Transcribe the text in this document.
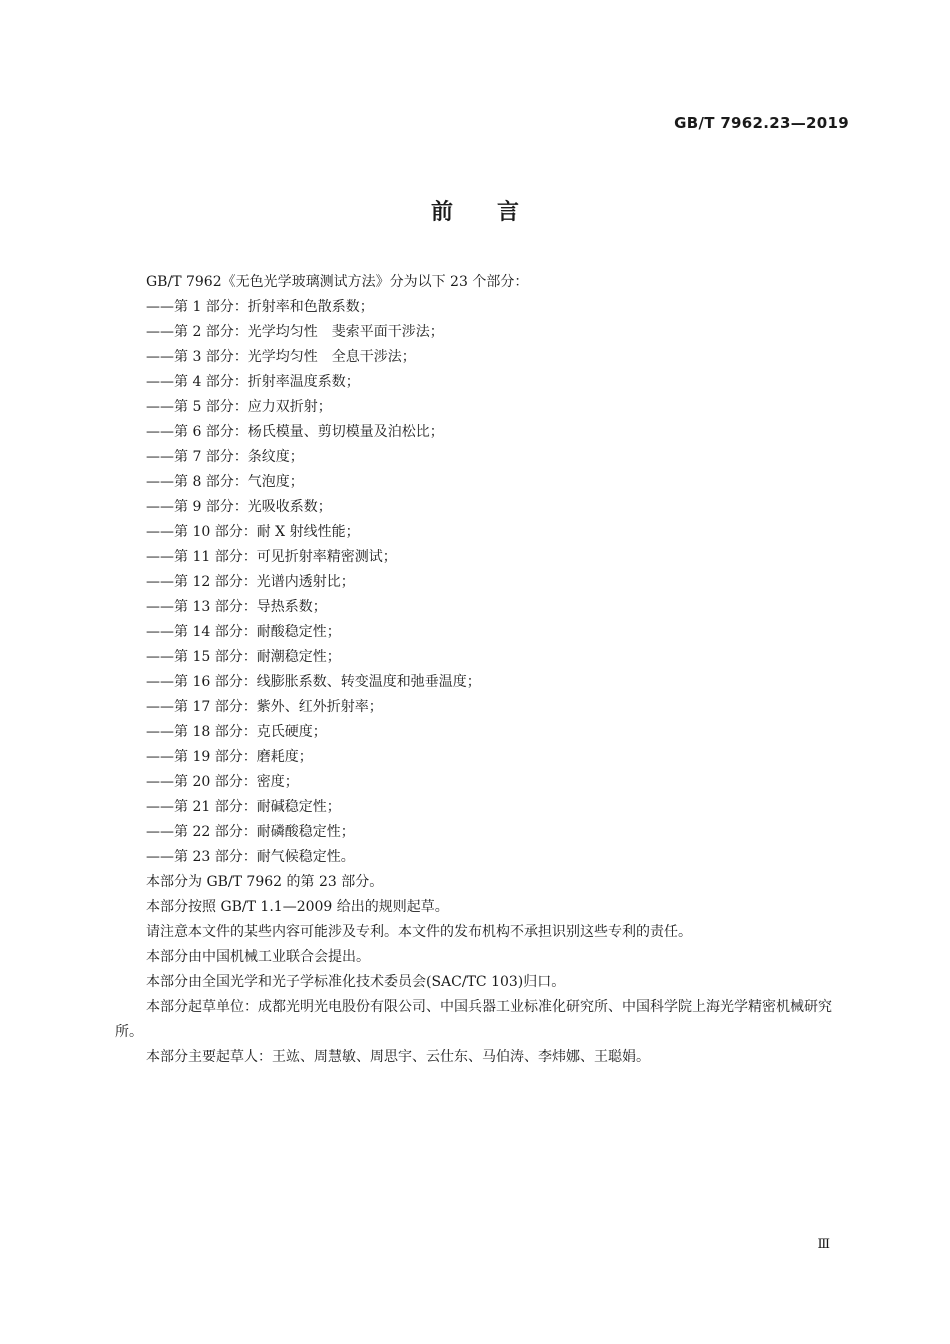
GB/T 7962.23—2019
前 言
GB/T 7962《无色光学玻璃测试方法》分为以下 23 个部分：
——第 1 部分：折射率和色散系数；
——第 2 部分：光学均匀性　斐索平面干涉法；
——第 3 部分：光学均匀性　全息干涉法；
——第 4 部分：折射率温度系数；
——第 5 部分：应力双折射；
——第 6 部分：杨氏模量、剪切模量及泊松比；
——第 7 部分：条纹度；
——第 8 部分：气泡度；
——第 9 部分：光吸收系数；
——第 10 部分：耐 X 射线性能；
——第 11 部分：可见折射率精密测试；
——第 12 部分：光谱内透射比；
——第 13 部分：导热系数；
——第 14 部分：耐酸稳定性；
——第 15 部分：耐潮稳定性；
——第 16 部分：线膨胀系数、转变温度和弛垂温度；
——第 17 部分：紫外、红外折射率；
——第 18 部分：克氏硬度；
——第 19 部分：磨耗度；
——第 20 部分：密度；
——第 21 部分：耐碱稳定性；
——第 22 部分：耐磷酸稳定性；
——第 23 部分：耐气候稳定性。
本部分为 GB/T 7962 的第 23 部分。
本部分按照 GB/T 1.1—2009 给出的规则起草。
请注意本文件的某些内容可能涉及专利。本文件的发布机构不承担识别这些专利的责任。
本部分由中国机械工业联合会提出。
本部分由全国光学和光子学标准化技术委员会(SAC/TC 103)归口。
本部分起草单位：成都光明光电股份有限公司、中国兵器工业标准化研究所、中国科学院上海光学精密机械研究所。
本部分主要起草人：王竑、周慧敏、周思宇、云仕东、马伯涛、李炜娜、王聪娟。
Ⅲ
